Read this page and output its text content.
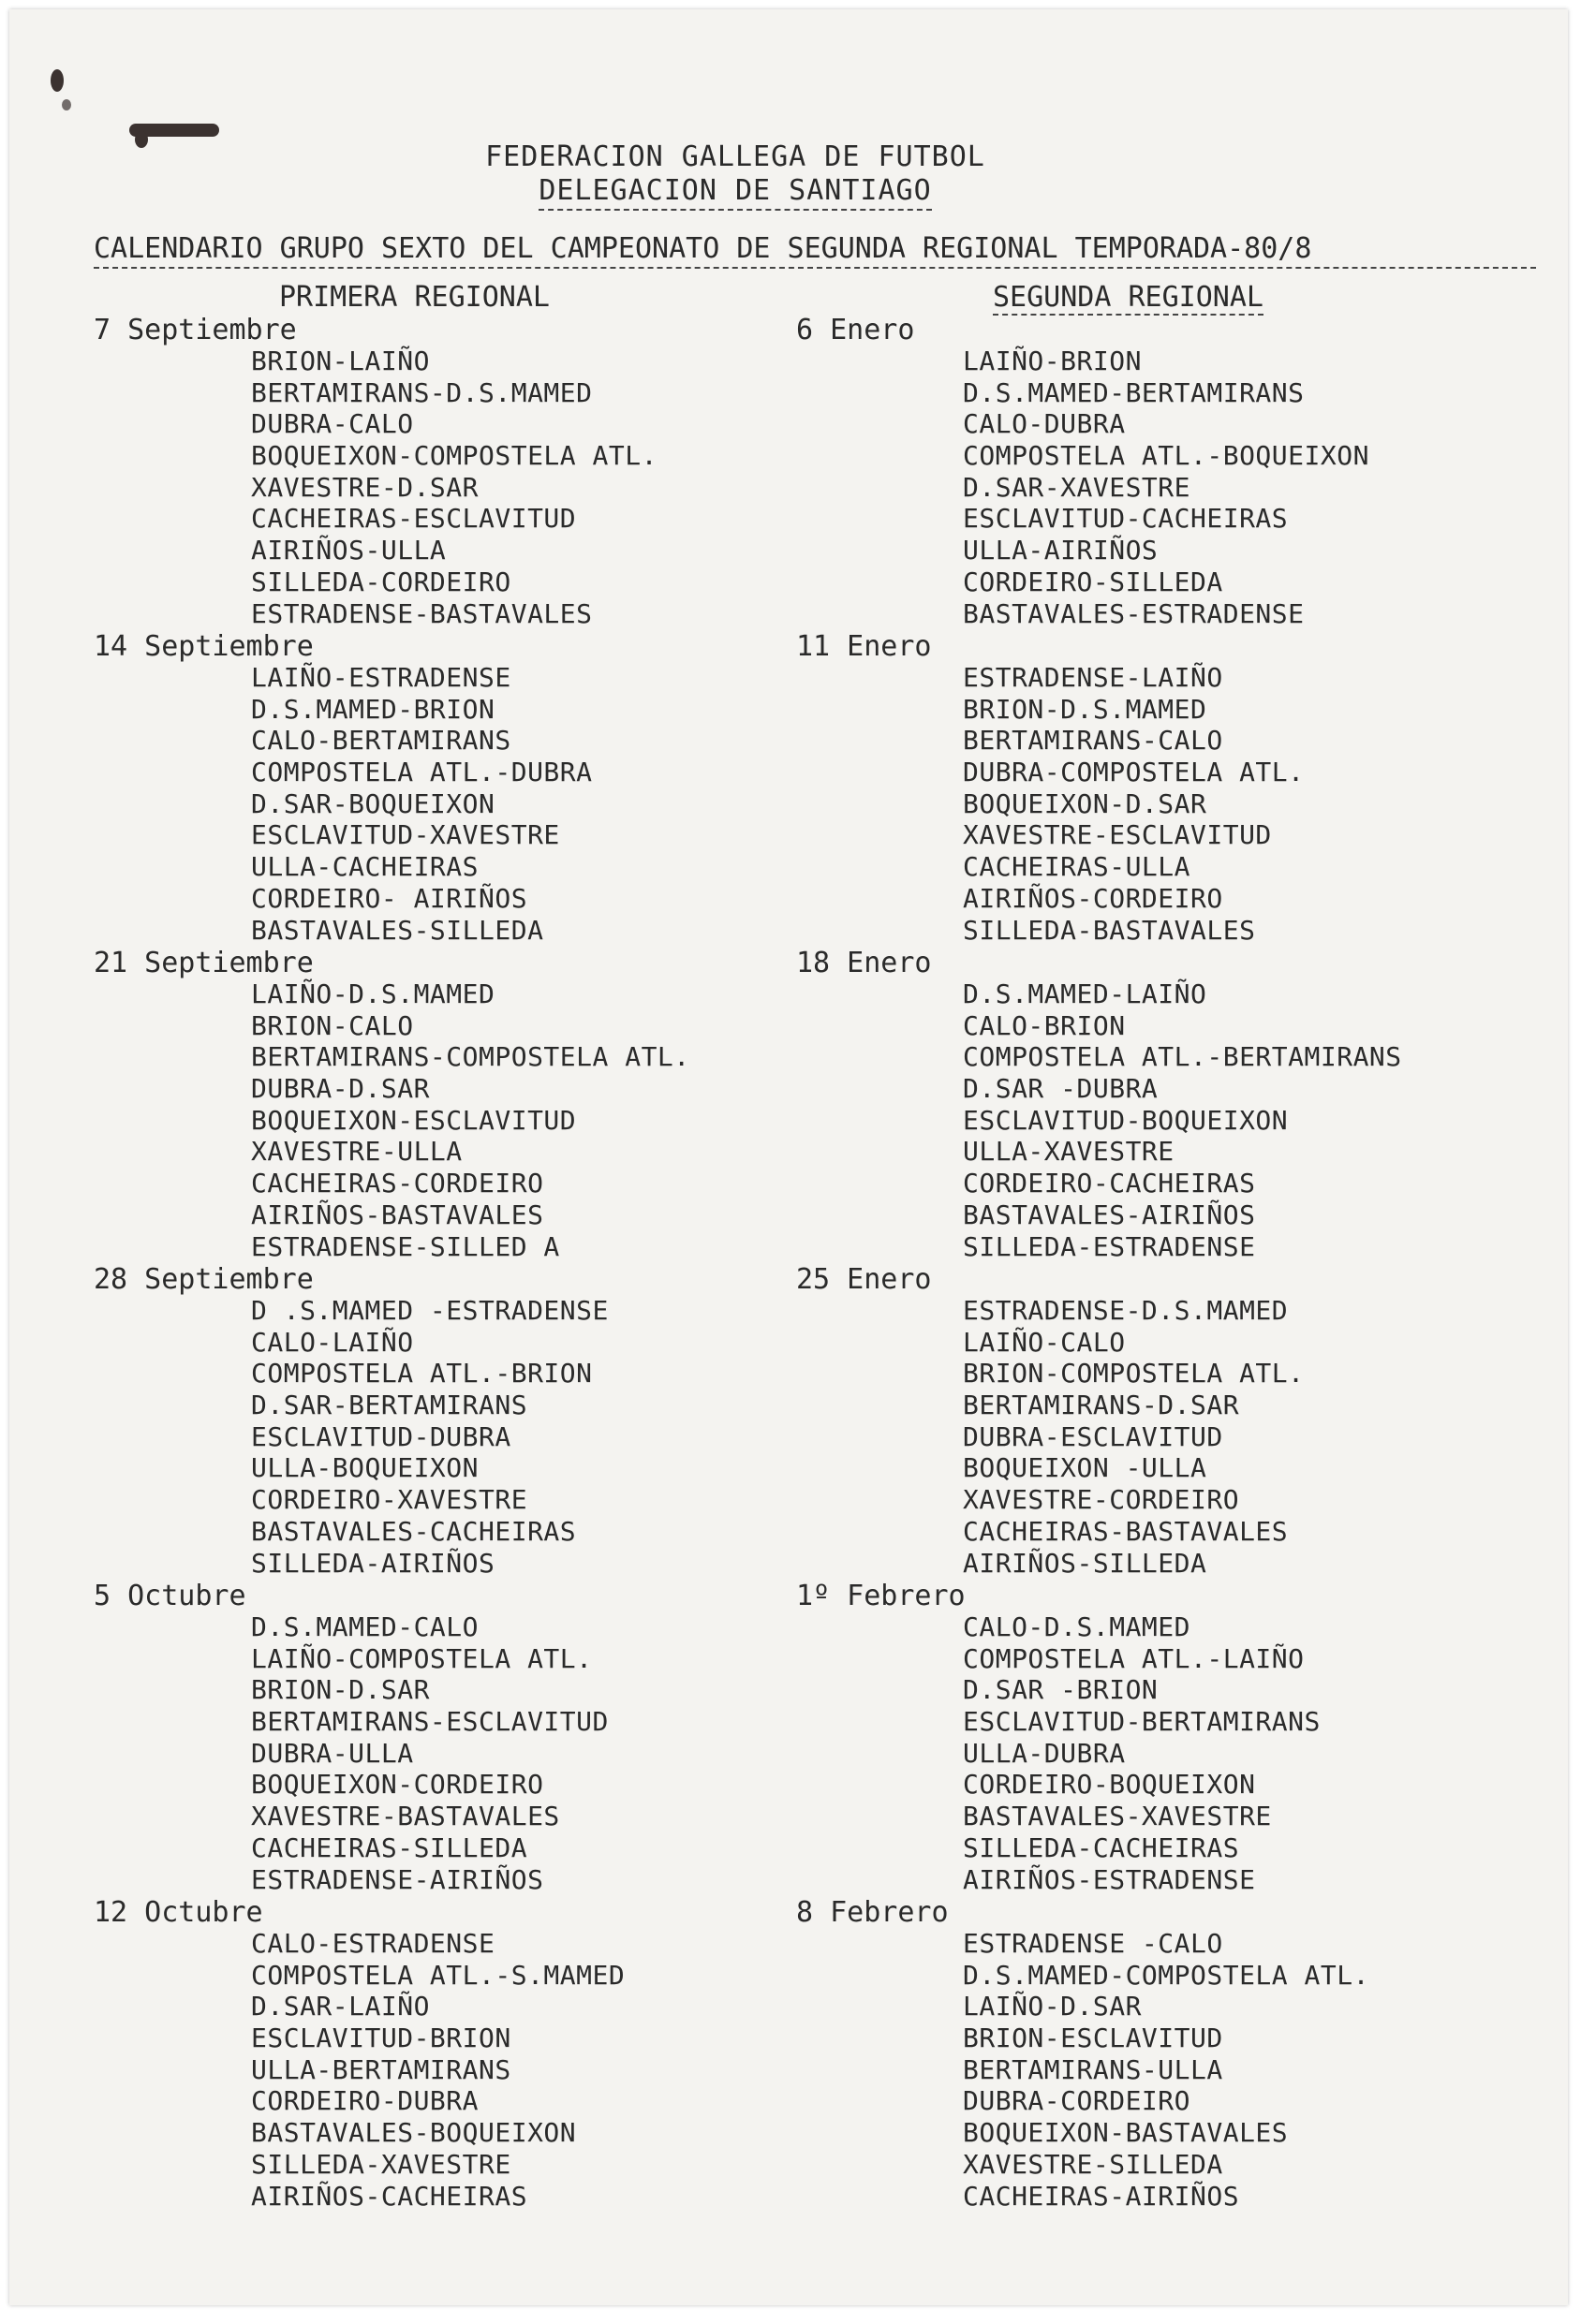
FEDERACION GALLEGA DE FUTBOL
DELEGACION DE SANTIAGO
CALENDARIO GRUPO SEXTO DEL CAMPEONATO DE SEGUNDA REGIONAL TEMPORADA-80/8
PRIMERA REGIONAL	SEGUNDA REGIONAL
7 Septiembre
BRION-LAIÑO
BERTAMIRANS-D.S.MAMED
DUBRA-CALO
BOQUEIXON-COMPOSTELA ATL.
XAVESTRE-D.SAR
CACHEIRAS-ESCLAVITUD
AIRIÑOS-ULLA
SILLEDA-CORDEIRO
ESTRADENSE-BASTAVALES
14 Septiembre
LAIÑO-ESTRADENSE
D.S.MAMED-BRION
CALO-BERTAMIRANS
COMPOSTELA ATL.-DUBRA
D.SAR-BOQUEIXON
ESCLAVITUD-XAVESTRE
ULLA-CACHEIRAS
CORDEIRO- AIRIÑOS
BASTAVALES-SILLEDA
21 Septiembre
LAIÑO-D.S.MAMED
BRION-CALO
BERTAMIRANS-COMPOSTELA ATL.
DUBRA-D.SAR
BOQUEIXON-ESCLAVITUD
XAVESTRE-ULLA
CACHEIRAS-CORDEIRO
AIRIÑOS-BASTAVALES
ESTRADENSE-SILLED A
28 Septiembre
D .S.MAMED -ESTRADENSE
CALO-LAIÑO
COMPOSTELA ATL.-BRION
D.SAR-BERTAMIRANS
ESCLAVITUD-DUBRA
ULLA-BOQUEIXON
CORDEIRO-XAVESTRE
BASTAVALES-CACHEIRAS
SILLEDA-AIRIÑOS
5 Octubre
D.S.MAMED-CALO
LAIÑO-COMPOSTELA ATL.
BRION-D.SAR
BERTAMIRANS-ESCLAVITUD
DUBRA-ULLA
BOQUEIXON-CORDEIRO
XAVESTRE-BASTAVALES
CACHEIRAS-SILLEDA
ESTRADENSE-AIRIÑOS
12 Octubre
CALO-ESTRADENSE
COMPOSTELA ATL.-S.MAMED
D.SAR-LAIÑO
ESCLAVITUD-BRION
ULLA-BERTAMIRANS
CORDEIRO-DUBRA
BASTAVALES-BOQUEIXON
SILLEDA-XAVESTRE
AIRIÑOS-CACHEIRAS
6 Enero
LAIÑO-BRION
D.S.MAMED-BERTAMIRANS
CALO-DUBRA
COMPOSTELA ATL.-BOQUEIXON
D.SAR-XAVESTRE
ESCLAVITUD-CACHEIRAS
ULLA-AIRIÑOS
CORDEIRO-SILLEDA
BASTAVALES-ESTRADENSE
11 Enero
ESTRADENSE-LAIÑO
BRION-D.S.MAMED
BERTAMIRANS-CALO
DUBRA-COMPOSTELA ATL.
BOQUEIXON-D.SAR
XAVESTRE-ESCLAVITUD
CACHEIRAS-ULLA
AIRIÑOS-CORDEIRO
SILLEDA-BASTAVALES
18 Enero
D.S.MAMED-LAIÑO
CALO-BRION
COMPOSTELA ATL.-BERTAMIRANS
D.SAR -DUBRA
ESCLAVITUD-BOQUEIXON
ULLA-XAVESTRE
CORDEIRO-CACHEIRAS
BASTAVALES-AIRIÑOS
SILLEDA-ESTRADENSE
25 Enero
ESTRADENSE-D.S.MAMED
LAIÑO-CALO
BRION-COMPOSTELA ATL.
BERTAMIRANS-D.SAR
DUBRA-ESCLAVITUD
BOQUEIXON -ULLA
XAVESTRE-CORDEIRO
CACHEIRAS-BASTAVALES
AIRIÑOS-SILLEDA
1º Febrero
CALO-D.S.MAMED
COMPOSTELA ATL.-LAIÑO
D.SAR -BRION
ESCLAVITUD-BERTAMIRANS
ULLA-DUBRA
CORDEIRO-BOQUEIXON
BASTAVALES-XAVESTRE
SILLEDA-CACHEIRAS
AIRIÑOS-ESTRADENSE
8 Febrero
ESTRADENSE -CALO
D.S.MAMED-COMPOSTELA ATL.
LAIÑO-D.SAR
BRION-ESCLAVITUD
BERTAMIRANS-ULLA
DUBRA-CORDEIRO
BOQUEIXON-BASTAVALES
XAVESTRE-SILLEDA
CACHEIRAS-AIRIÑOS
